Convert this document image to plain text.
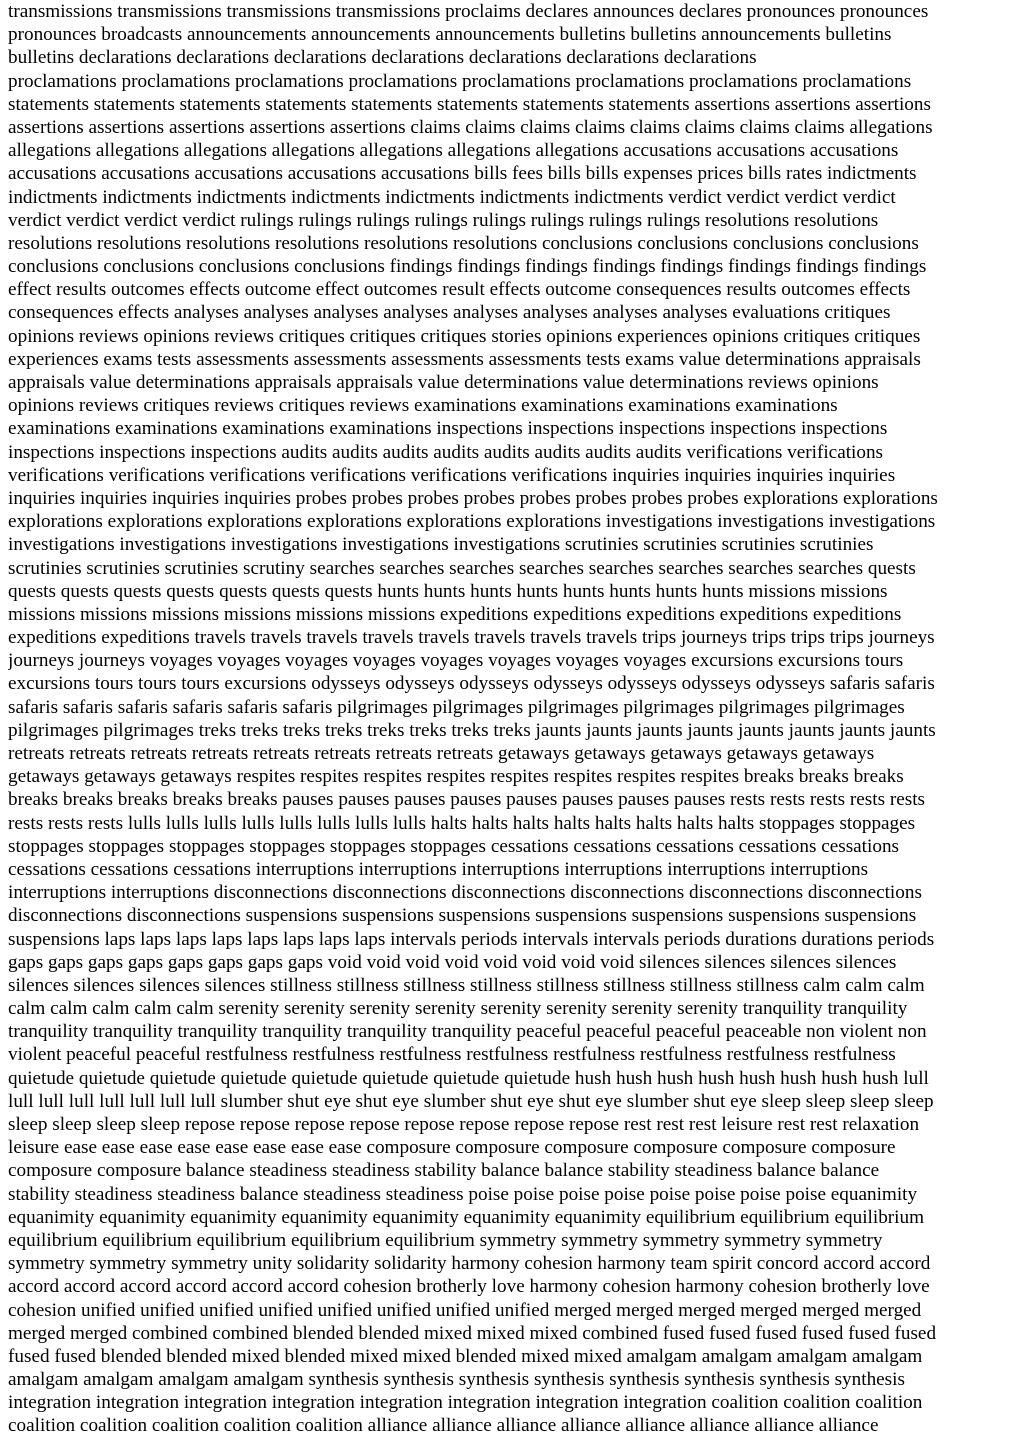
transmissions transmissions transmissions transmissions proclaims declares announces declares pronounces pronounces
pronounces broadcasts announcements announcements announcements bulletins bulletins announcements bulletins
bulletins declarations declarations declarations declarations declarations declarations declarations
proclamations proclamations proclamations proclamations proclamations proclamations proclamations proclamations
statements statements statements statements statements statements statements statements assertions assertions assertions
assertions assertions assertions assertions assertions claims claims claims claims claims claims claims claims allegations
allegations allegations allegations allegations allegations allegations allegations accusations accusations accusations
accusations accusations accusations accusations accusations bills fees bills bills expenses prices bills rates indictments
indictments indictments indictments indictments indictments indictments indictments verdict verdict verdict verdict
verdict verdict verdict verdict rulings rulings rulings rulings rulings rulings rulings rulings resolutions resolutions
resolutions resolutions resolutions resolutions resolutions resolutions conclusions conclusions conclusions conclusions
conclusions conclusions conclusions conclusions findings findings findings findings findings findings findings findings
effect results outcomes effects outcome effect outcomes result effects outcome consequences results outcomes effects
consequences effects analyses analyses analyses analyses analyses analyses analyses analyses evaluations critiques
opinions reviews opinions reviews critiques critiques critiques stories opinions experiences opinions critiques critiques
experiences exams tests assessments assessments assessments assessments tests exams value determinations appraisals
appraisals value determinations appraisals appraisals value determinations value determinations reviews opinions
opinions reviews critiques reviews critiques reviews examinations examinations examinations examinations
examinations examinations examinations examinations inspections inspections inspections inspections inspections
inspections inspections inspections audits audits audits audits audits audits audits audits verifications verifications
verifications verifications verifications verifications verifications verifications inquiries inquiries inquiries inquiries
inquiries inquiries inquiries inquiries probes probes probes probes probes probes probes probes explorations explorations
explorations explorations explorations explorations explorations explorations investigations investigations investigations
investigations investigations investigations investigations investigations scrutinies scrutinies scrutinies scrutinies
scrutinies scrutinies scrutinies scrutiny searches searches searches searches searches searches searches searches quests
quests quests quests quests quests quests quests hunts hunts hunts hunts hunts hunts hunts hunts missions missions
missions missions missions missions missions missions expeditions expeditions expeditions expeditions expeditions
expeditions expeditions travels travels travels travels travels travels travels travels trips journeys trips trips trips journeys
journeys journeys voyages voyages voyages voyages voyages voyages voyages voyages excursions excursions tours
excursions tours tours tours excursions odysseys odysseys odysseys odysseys odysseys odysseys odysseys safaris safaris
safaris safaris safaris safaris safaris safaris pilgrimages pilgrimages pilgrimages pilgrimages pilgrimages pilgrimages
pilgrimages pilgrimages treks treks treks treks treks treks treks treks jaunts jaunts jaunts jaunts jaunts jaunts jaunts jaunts
retreats retreats retreats retreats retreats retreats retreats retreats getaways getaways getaways getaways getaways
getaways getaways getaways respites respites respites respites respites respites respites respites breaks breaks breaks
breaks breaks breaks breaks breaks pauses pauses pauses pauses pauses pauses pauses pauses rests rests rests rests rests
rests rests rests lulls lulls lulls lulls lulls lulls lulls lulls halts halts halts halts halts halts halts halts stoppages stoppages
stoppages stoppages stoppages stoppages stoppages stoppages cessations cessations cessations cessations cessations
cessations cessations cessations interruptions interruptions interruptions interruptions interruptions interruptions
interruptions interruptions disconnections disconnections disconnections disconnections disconnections disconnections
disconnections disconnections suspensions suspensions suspensions suspensions suspensions suspensions suspensions
suspensions laps laps laps laps laps laps laps laps intervals periods intervals intervals periods durations durations periods
gaps gaps gaps gaps gaps gaps gaps gaps void void void void void void void void silences silences silences silences
silences silences silences silences stillness stillness stillness stillness stillness stillness stillness stillness calm calm calm
calm calm calm calm calm serenity serenity serenity serenity serenity serenity serenity serenity tranquility tranquility
tranquility tranquility tranquility tranquility tranquility tranquility peaceful peaceful peaceful peaceable non violent non
violent peaceful peaceful restfulness restfulness restfulness restfulness restfulness restfulness restfulness restfulness
quietude quietude quietude quietude quietude quietude quietude quietude hush hush hush hush hush hush hush hush lull
lull lull lull lull lull lull lull slumber shut eye shut eye slumber shut eye shut eye slumber shut eye sleep sleep sleep sleep
sleep sleep sleep sleep repose repose repose repose repose repose repose repose rest rest rest leisure rest rest relaxation
leisure ease ease ease ease ease ease ease ease composure composure composure composure composure composure
composure composure balance steadiness steadiness stability balance balance stability steadiness balance balance
stability steadiness steadiness balance steadiness steadiness poise poise poise poise poise poise poise poise equanimity
equanimity equanimity equanimity equanimity equanimity equanimity equanimity equilibrium equilibrium equilibrium
equilibrium equilibrium equilibrium equilibrium equilibrium symmetry symmetry symmetry symmetry symmetry
symmetry symmetry symmetry unity solidarity solidarity harmony cohesion harmony team spirit concord accord accord
accord accord accord accord accord accord cohesion brotherly love harmony cohesion harmony cohesion brotherly love
cohesion unified unified unified unified unified unified unified unified merged merged merged merged merged merged
merged merged combined combined blended blended mixed mixed mixed combined fused fused fused fused fused fused
fused fused blended blended mixed blended mixed mixed blended mixed mixed amalgam amalgam amalgam amalgam
amalgam amalgam amalgam amalgam synthesis synthesis synthesis synthesis synthesis synthesis synthesis synthesis
integration integration integration integration integration integration integration integration coalition coalition coalition
coalition coalition coalition coalition coalition alliance alliance alliance alliance alliance alliance alliance alliance
